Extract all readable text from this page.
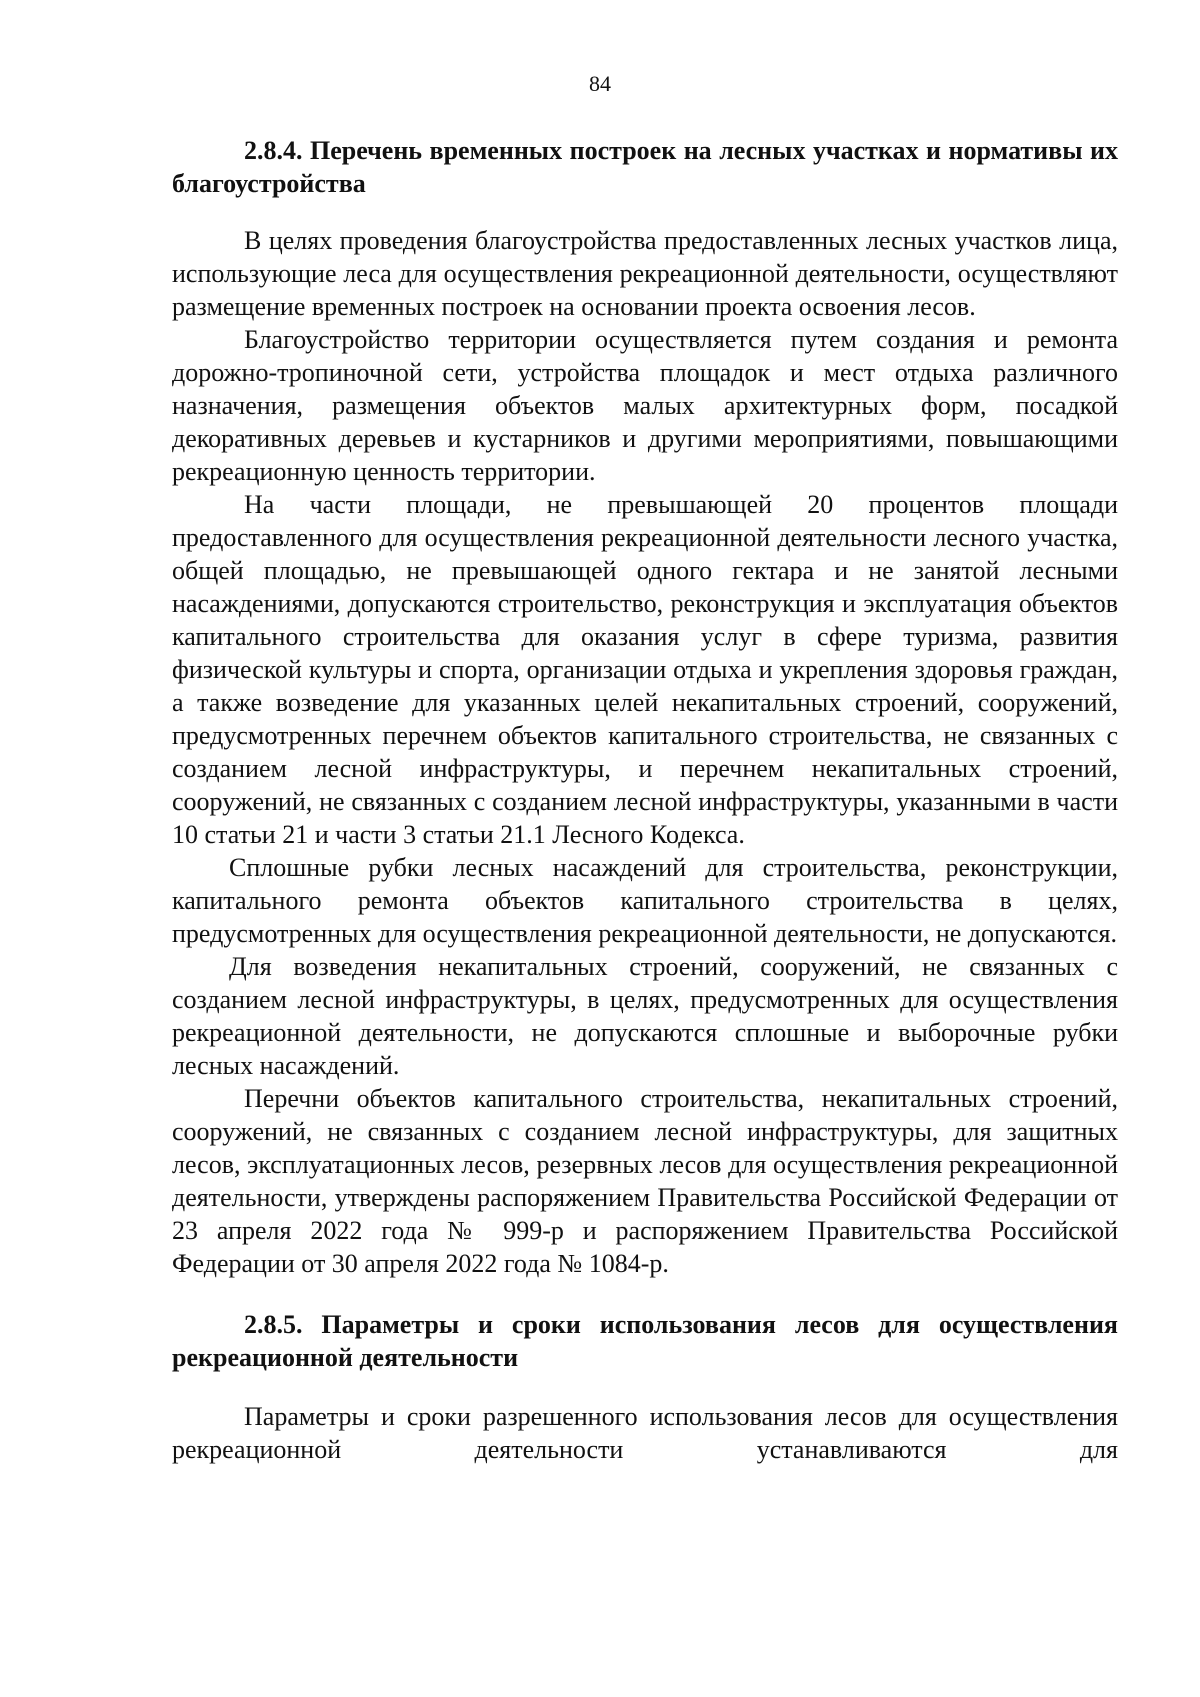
84

2.8.4. Перечень временных построек на лесных участках и нормативы их благоустройства

В целях проведения благоустройства предоставленных лесных участков лица, использующие леса для осуществления рекреационной деятельности, осуществляют размещение временных построек на основании проекта освоения лесов.

Благоустройство территории осуществляется путем создания и ремонта дорожно-тропиночной сети, устройства площадок и мест отдыха различного назначения, размещения объектов малых архитектурных форм, посадкой декоративных деревьев и кустарников и другими мероприятиями, повышающими рекреационную ценность территории.

На части площади, не превышающей 20 процентов площади предоставленного для осуществления рекреационной деятельности лесного участка, общей площадью, не превышающей одного гектара и не занятой лесными насаждениями, допускаются строительство, реконструкция и эксплуатация объектов капитального строительства для оказания услуг в сфере туризма, развития физической культуры и спорта, организации отдыха и укрепления здоровья граждан, а также возведение для указанных целей некапитальных строений, сооружений, предусмотренных перечнем объектов капитального строительства, не связанных с созданием лесной инфраструктуры, и перечнем некапитальных строений, сооружений, не связанных с созданием лесной инфраструктуры, указанными в части 10 статьи 21 и части 3 статьи 21.1 Лесного Кодекса.

Сплошные рубки лесных насаждений для строительства, реконструкции, капитального ремонта объектов капитального строительства в целях, предусмотренных для осуществления рекреационной деятельности, не допускаются.

Для возведения некапитальных строений, сооружений, не связанных с созданием лесной инфраструктуры, в целях, предусмотренных для осуществления рекреационной деятельности, не допускаются сплошные и выборочные рубки лесных насаждений.

Перечни объектов капитального строительства, некапитальных строений, сооружений, не связанных с созданием лесной инфраструктуры, для защитных лесов, эксплуатационных лесов, резервных лесов для осуществления рекреационной деятельности, утверждены распоряжением Правительства Российской Федерации от 23 апреля 2022 года № 999-р и распоряжением Правительства Российской Федерации от 30 апреля 2022 года № 1084-р.

2.8.5. Параметры и сроки использования лесов для осуществления рекреационной деятельности

Параметры и сроки разрешенного использования лесов для осуществления рекреационной деятельности устанавливаются для
